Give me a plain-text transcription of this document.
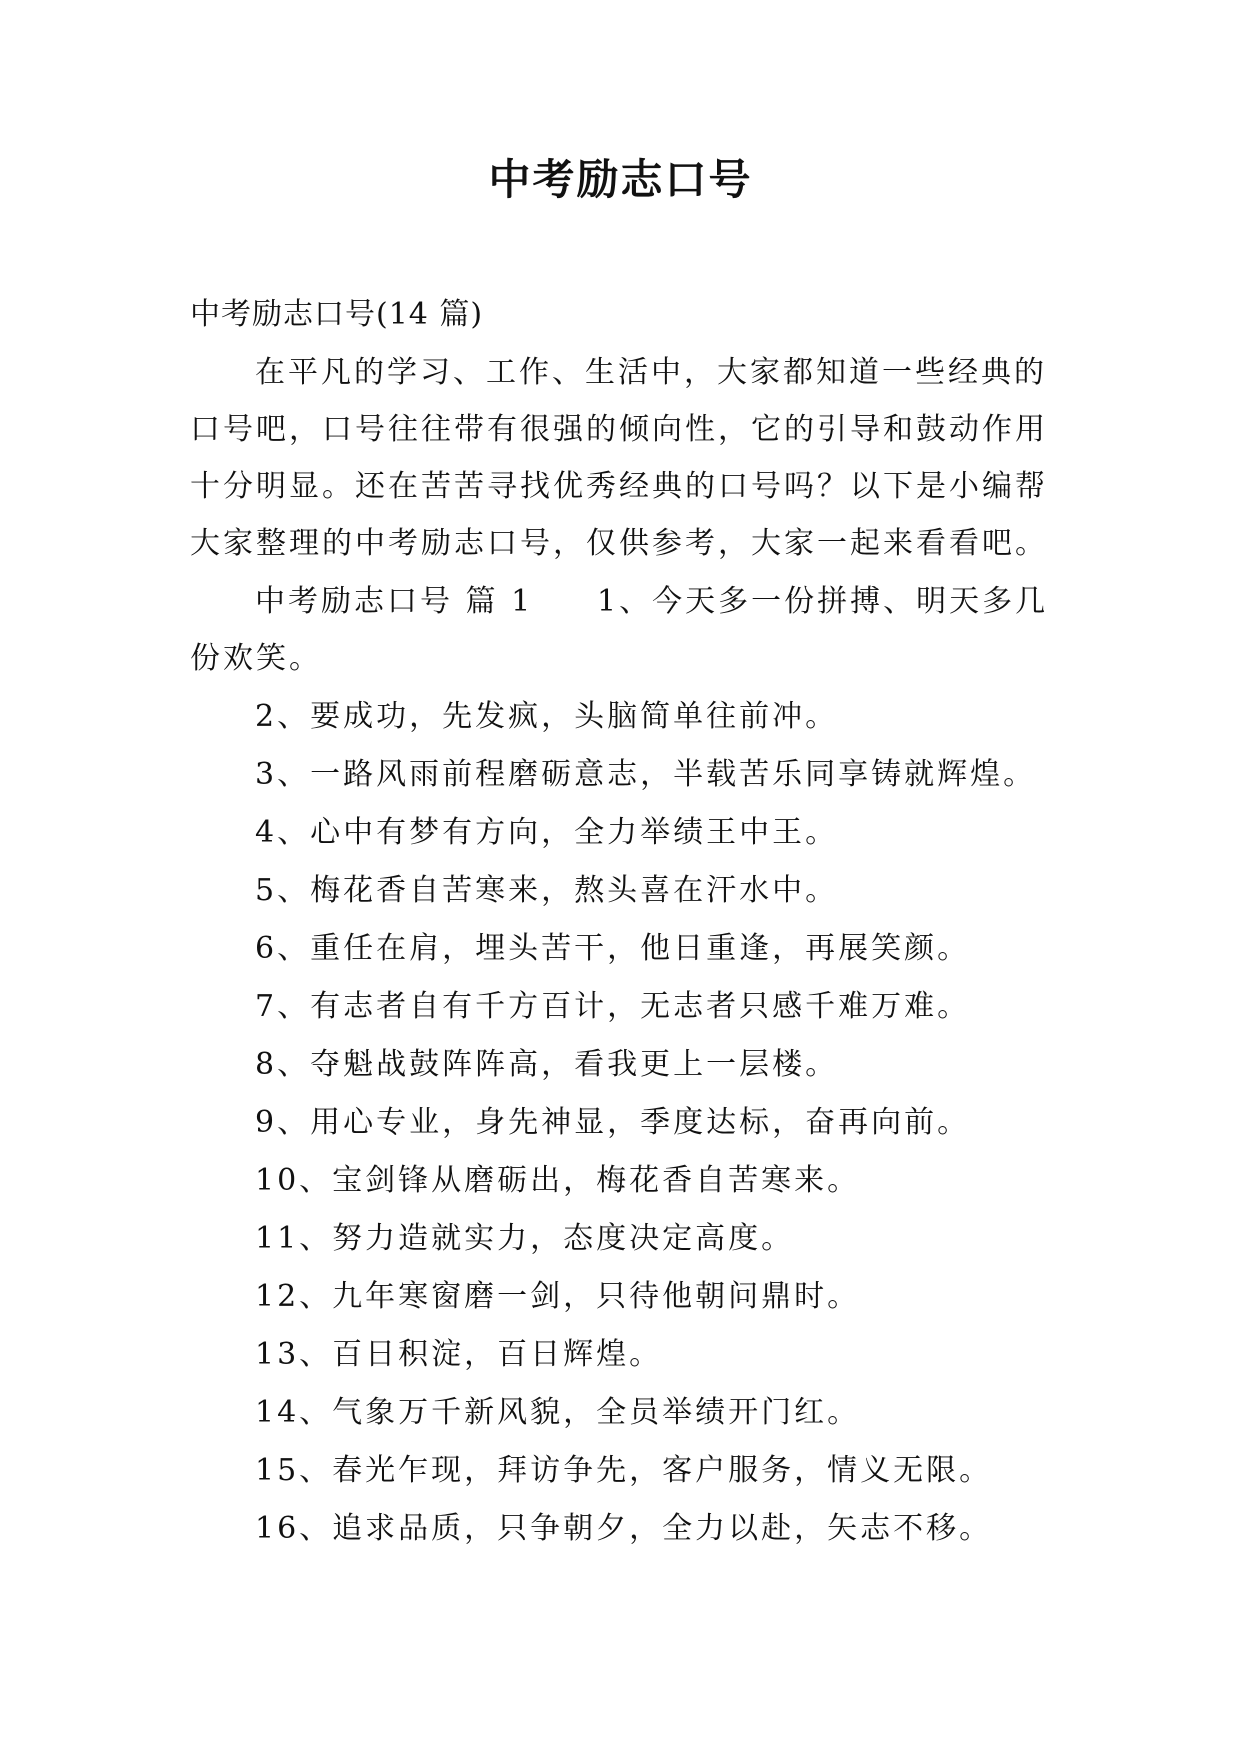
中考励志口号
中考励志口号(14 篇)
在平凡的学习、工作、生活中，大家都知道一些经典的
口号吧，口号往往带有很强的倾向性，它的引导和鼓动作用
十分明显。还在苦苦寻找优秀经典的口号吗？以下是小编帮
大家整理的中考励志口号，仅供参考，大家一起来看看吧。
中考励志口号 篇 1 1、今天多一份拼搏、明天多几
份欢笑。
2、要成功，先发疯，头脑简单往前冲。
3、一路风雨前程磨砺意志，半载苦乐同享铸就辉煌。
4、心中有梦有方向，全力举绩王中王。
5、梅花香自苦寒来，熬头喜在汗水中。
6、重任在肩，埋头苦干，他日重逢，再展笑颜。
7、有志者自有千方百计，无志者只感千难万难。
8、夺魁战鼓阵阵高，看我更上一层楼。
9、用心专业，身先神显，季度达标，奋再向前。
10、宝剑锋从磨砺出，梅花香自苦寒来。
11、努力造就实力，态度决定高度。
12、九年寒窗磨一剑，只待他朝问鼎时。
13、百日积淀，百日辉煌。
14、气象万千新风貌，全员举绩开门红。
15、春光乍现，拜访争先，客户服务，情义无限。
16、追求品质，只争朝夕，全力以赴，矢志不移。
